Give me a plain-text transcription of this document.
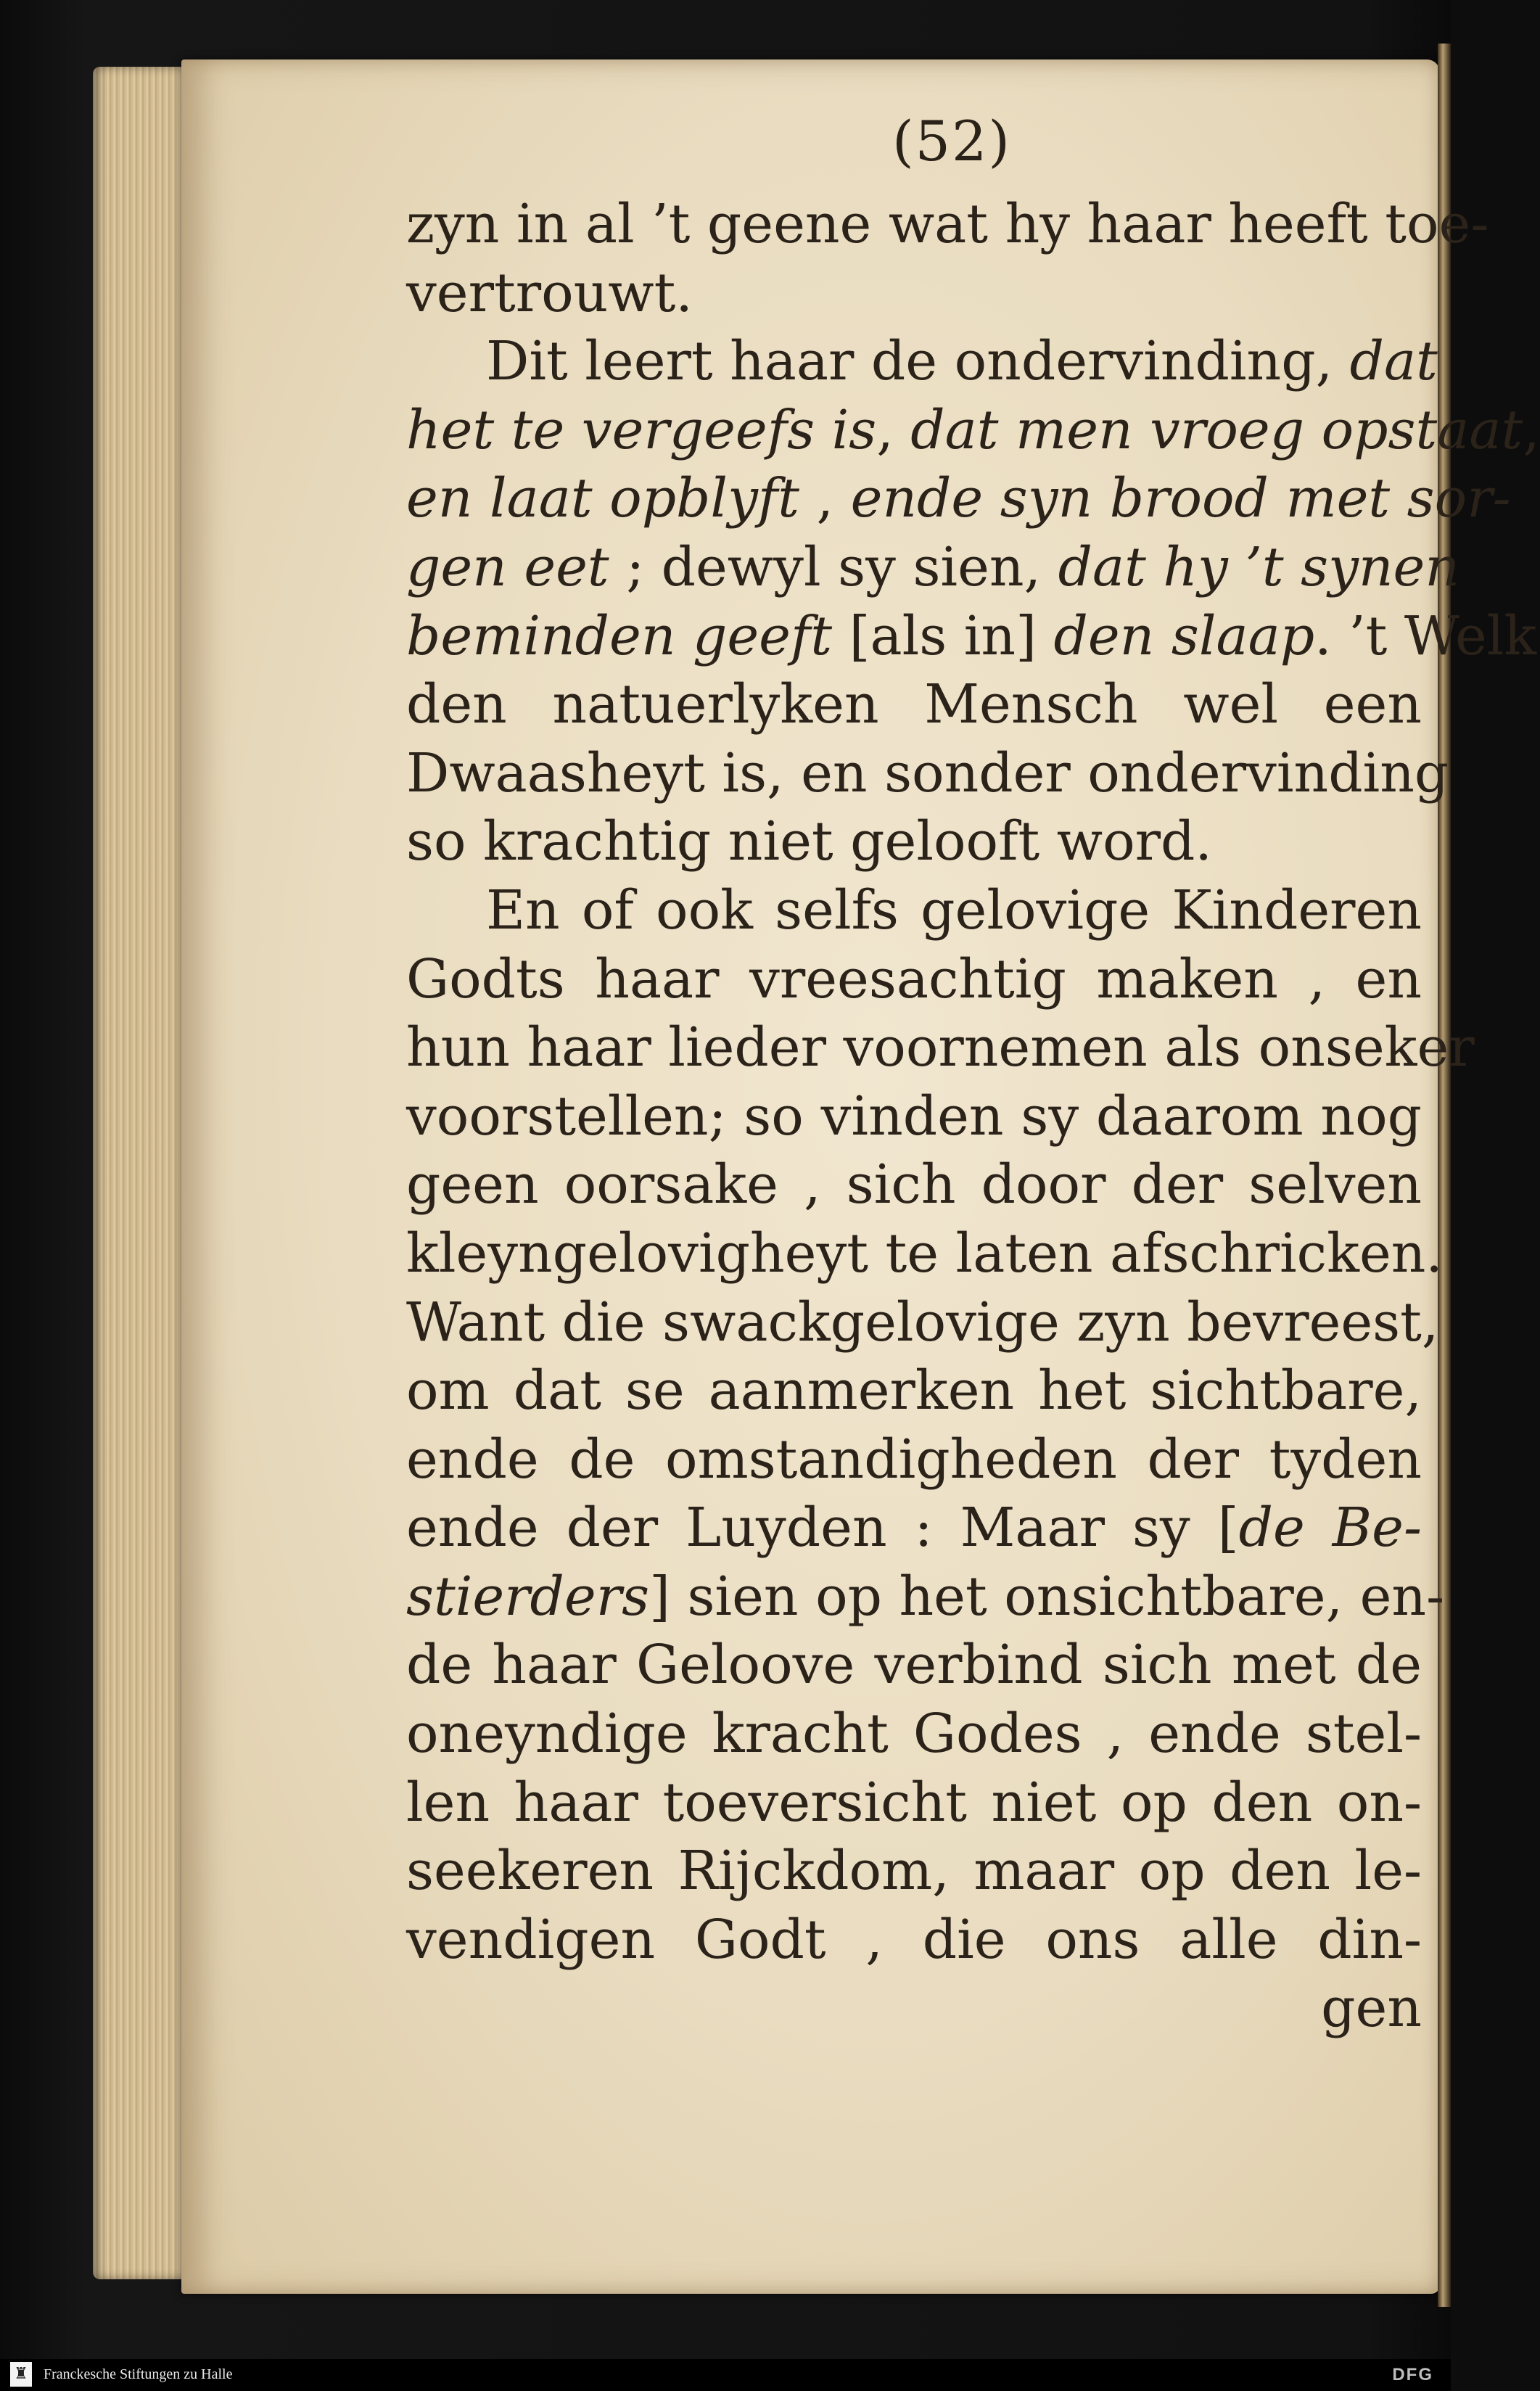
(52)
zyn in al ’t geene wat hy haar heeft toe-
vertrouwt.
Dit leert haar de ondervinding, dat
het te vergeefs is, dat men vroeg opstaat,
en laat opblyft , ende syn brood met sor-
gen eet ; dewyl sy sien, dat hy ’t synen
beminden geeft [als in] den slaap. ’t Welk
den natuerlyken Mensch wel een
Dwaasheyt is, en sonder ondervinding
so krachtig niet gelooft word.
En of ook selfs gelovige Kinderen
Godts haar vreesachtig maken , en
hun haar lieder voornemen als onseker
voorstellen; so vinden sy daarom nog
geen oorsake , sich door der selven
kleyngelovigheyt te laten afschricken.
Want die swackgelovige zyn bevreest,
om dat se aanmerken het sichtbare,
ende de omstandigheden der tyden
ende der Luyden : Maar sy [de Be-
stierders] sien op het onsichtbare, en-
de haar Geloove verbind sich met de
oneyndige kracht Godes , ende stel-
len haar toeversicht niet op den on-
seekeren Rijckdom, maar op den le-
vendigen Godt , die ons alle din-
gen
♜ Franckesche Stiftungen zu Halle	DFG
